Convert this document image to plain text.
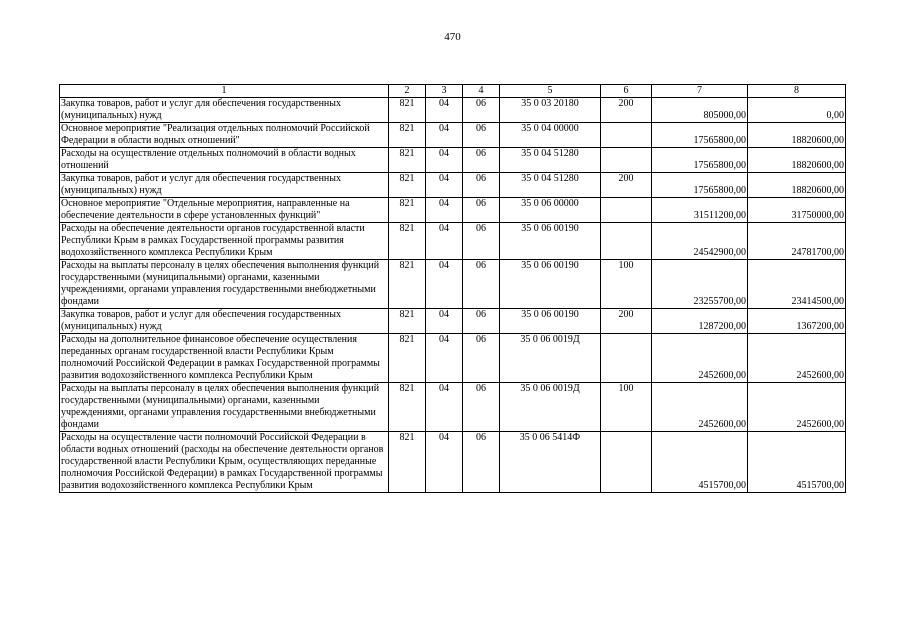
470
1	2	3	4	5	6	7	8
Закупка товаров, работ и услуг для обеспечения государственных (муниципальных) нужд	821	04	06	35 0 03 20180	200	805000,00	0,00
Основное мероприятие "Реализация отдельных полномочий Российской Федерации в области водных отношений"	821	04	06	35 0 04 00000		17565800,00	18820600,00
Расходы на осуществление отдельных полномочий в области водных отношений	821	04	06	35 0 04 51280		17565800,00	18820600,00
Закупка товаров, работ и услуг для обеспечения государственных (муниципальных) нужд	821	04	06	35 0 04 51280	200	17565800,00	18820600,00
Основное мероприятие "Отдельные мероприятия, направленные на обеспечение деятельности в сфере установленных функций"	821	04	06	35 0 06 00000		31511200,00	31750000,00
Расходы на обеспечение деятельности органов государственной власти Республики Крым в рамках Государственной программы развития водохозяйственного комплекса Республики Крым	821	04	06	35 0 06 00190		24542900,00	24781700,00
Расходы на выплаты персоналу в целях обеспечения выполнения функций государственными (муниципальными) органами, казенными учреждениями, органами управления государственными внебюджетными фондами	821	04	06	35 0 06 00190	100	23255700,00	23414500,00
Закупка товаров, работ и услуг для обеспечения государственных (муниципальных) нужд	821	04	06	35 0 06 00190	200	1287200,00	1367200,00
Расходы на дополнительное финансовое обеспечение осуществления переданных органам государственной власти Республики Крым полномочий Российской Федерации в рамках Государственной программы развития водохозяйственного комплекса Республики Крым	821	04	06	35 0 06 0019Д		2452600,00	2452600,00
Расходы на выплаты персоналу в целях обеспечения выполнения функций государственными (муниципальными) органами, казенными учреждениями, органами управления государственными внебюджетными фондами	821	04	06	35 0 06 0019Д	100	2452600,00	2452600,00
Расходы на осуществление части полномочий Российской Федерации в области водных отношений (расходы на обеспечение деятельности органов государственной власти Республики Крым, осуществляющих переданные полномочия Российской Федерации) в рамках Государственной программы развития водохозяйственного комплекса Республики Крым	821	04	06	35 0 06 5414Ф		4515700,00	4515700,00
